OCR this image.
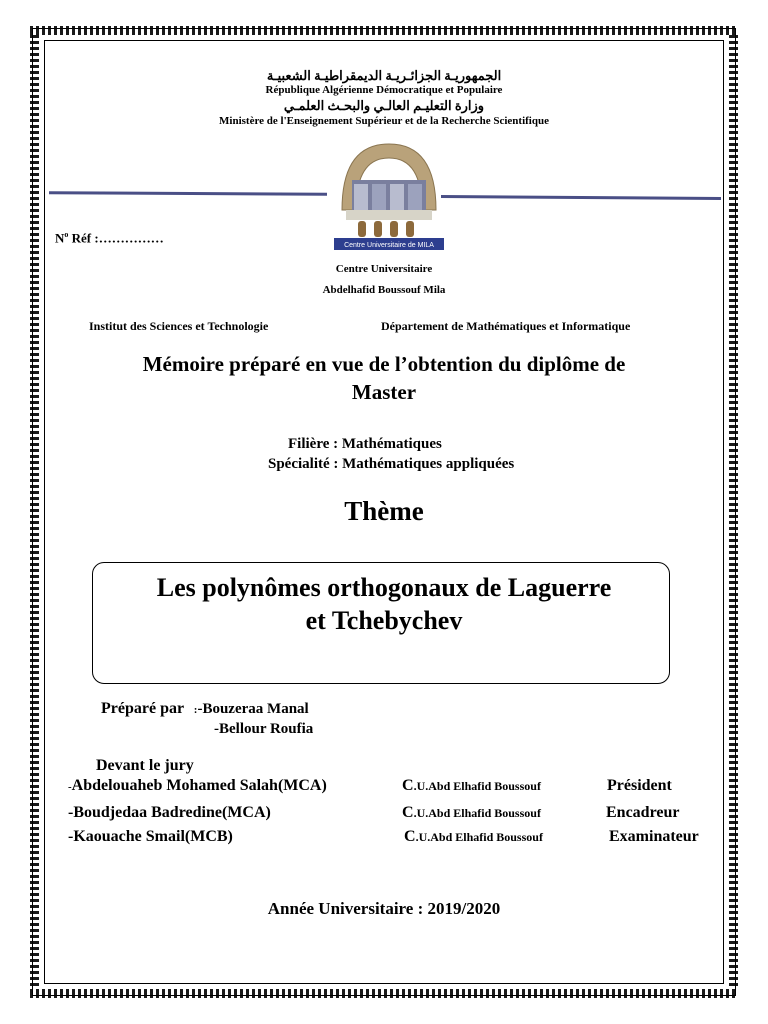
الجمهوريـة الجزائـريـة الديمقراطيـة الشعبيـة
République Algérienne Démocratique et Populaire
وزارة التعليـم العالـي والبحـث العلمـي
Ministère de l'Enseignement Supérieur et de la Recherche Scientifique
Centre Universitaire de MILA
$N^o$ Réf :……………
Centre Universitaire
Abdelhafid Boussouf Mila
Institut des Sciences et Technologie	Département de Mathématiques et Informatique
Mémoire préparé en vue de l’obtention du diplôme de
Master
Filière : Mathématiques
Spécialité : Mathématiques appliquées
Thème
Les polynômes orthogonaux de Laguerre
et Tchebychev
Préparé par :-Bouzeraa Manal
-Bellour Roufia
Devant le jury
-Abdelouaheb Mohamed Salah(MCA)	C.U.Abd Elhafid Boussouf	Président
-Boudjedaa Badredine(MCA)	C.U.Abd Elhafid Boussouf	Encadreur
-Kaouache Smail(MCB)	C.U.Abd Elhafid Boussouf	Examinateur
Année Universitaire : 2019/2020
